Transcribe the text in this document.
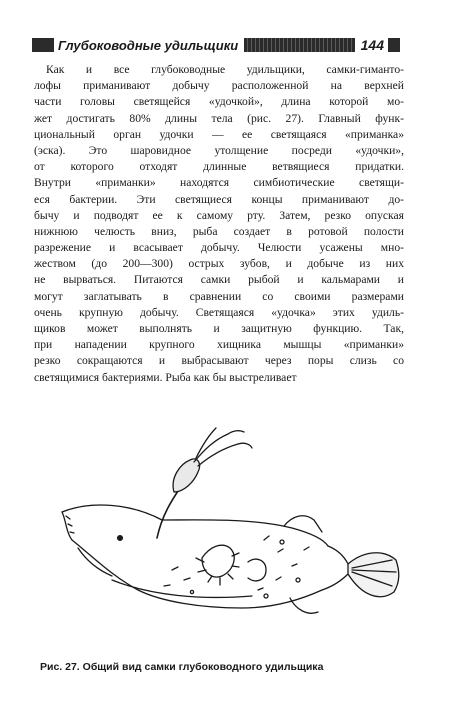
Глубоководные удильщики	144
Как и все глубоководные удильщики, самки-гиманто-
лофы приманивают добычу расположенной на верхней
части головы светящейся «удочкой», длина которой мо-
жет достигать 80% длины тела (рис. 27). Главный функ-
циональный орган удочки — ее светящаяся «приманка»
(эска). Это шаровидное утолщение посреди «удочки»,
от которого отходят длинные ветвящиеся придатки.
Внутри «приманки» находятся симбиотические светящи-
еся бактерии. Эти светящиеся концы приманивают до-
бычу и подводят ее к самому рту. Затем, резко опуская
нижнюю челюсть вниз, рыба создает в ротовой полости
разрежение и всасывает добычу. Челюсти усажены мно-
жеством (до 200—300) острых зубов, и добыче из них
не вырваться. Питаются самки рыбой и кальмарами и
могут заглатывать в сравнении со своими размерами
очень крупную добычу. Светящаяся «удочка» этих удиль-
щиков может выполнять и защитную функцию. Так,
при нападении крупного хищника мышцы «приманки»
резко сокращаются и выбрасывают через поры слизь со
светящимися бактериями. Рыба как бы выстреливает
Рис. 27. Общий вид самки глубоководного удильщика
